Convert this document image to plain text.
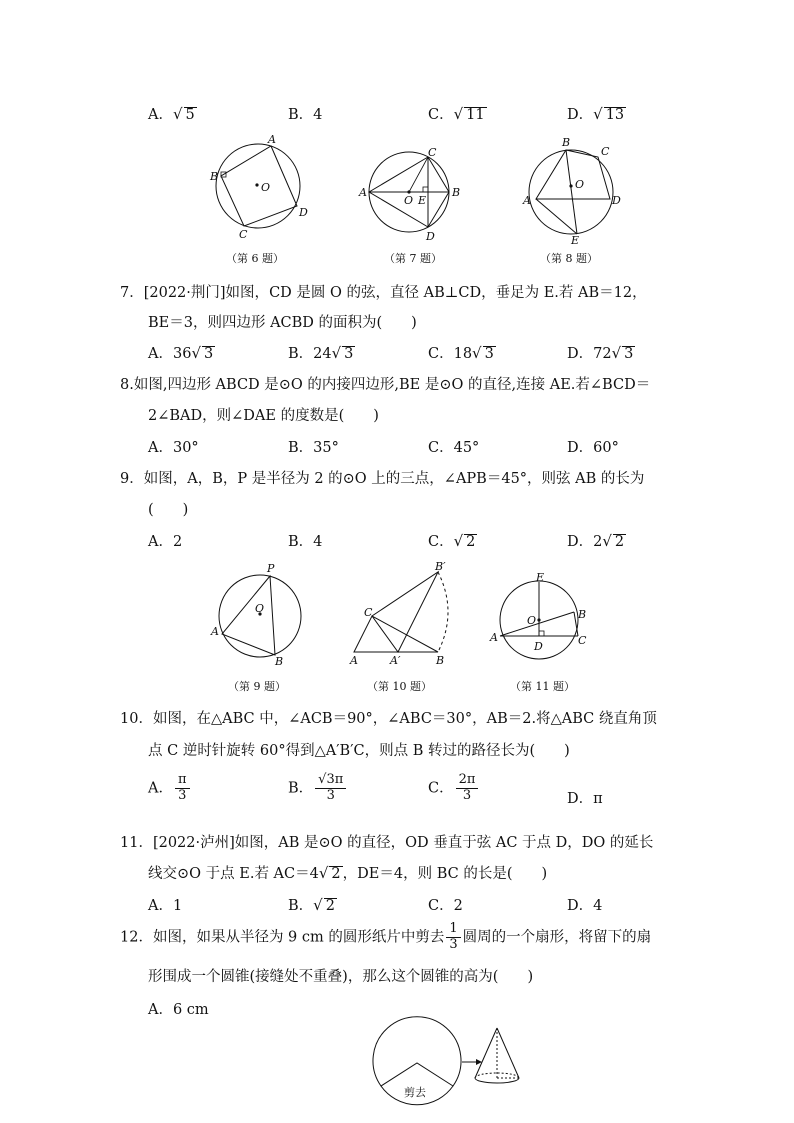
A．√ 5	B．4	C．√ 11	D．√ 13
A
B
O
C
D
（第 6 题）
A	B
C
D
O E
（第 7 题）
B
C
A	D
E
O
（第 8 题）
7．[2022·荆门]如图，CD 是圆 O 的弦，直径 AB⊥CD，垂足为 E.若 AB＝12，
BE＝3，则四边形 ACBD 的面积为(　　)
A．36√ 3	B．24√ 3	C．18√ 3	D．72√ 3
8.如图,四边形 ABCD 是⊙O 的内接四边形,BE 是⊙O 的直径,连接 AE.若∠BCD＝
2∠BAD，则∠DAE 的度数是(　　)
A．30°	B．35°	C．45°	D．60°
9．如图，A，B，P 是半径为 2 的⊙O 上的三点，∠APB＝45°，则弦 AB 的长为
(　　)
A．2	B．4	C．√ 2	D．2√ 2
P
A
B
O
（第 9 题）
A	B
C
A′
B′
（第 10 题）
E
A
B
C
D
O
（第 11 题）
10．如图，在△ABC 中，∠ACB＝90°，∠ABC＝30°，AB＝2.将△ABC 绕直角顶
点 C 逆时针旋转 60°得到△A′B′C，则点 B 转过的路径长为(　　)
A． $\frac{\pi}{3}$	B． $\frac{√3\pi}{3}$	C． $\frac{2\pi}{3}$	D．π
11．[2022·泸州]如图，AB 是⊙O 的直径，OD 垂直于弦 AC 于点 D，DO 的延长
线交⊙O 于点 E.若 AC＝4√ 2 ，DE＝4，则 BC 的长是(　　)
A．1	B．√ 2	C．2	D．4
12．如图，如果从半径为 9 cm 的圆形纸片中剪去 $\frac{1}{3}$ 圆周的一个扇形，将留下的扇
形围成一个圆锥(接缝处不重叠)，那么这个圆锥的高为(　　)
A．6 cm
剪去
